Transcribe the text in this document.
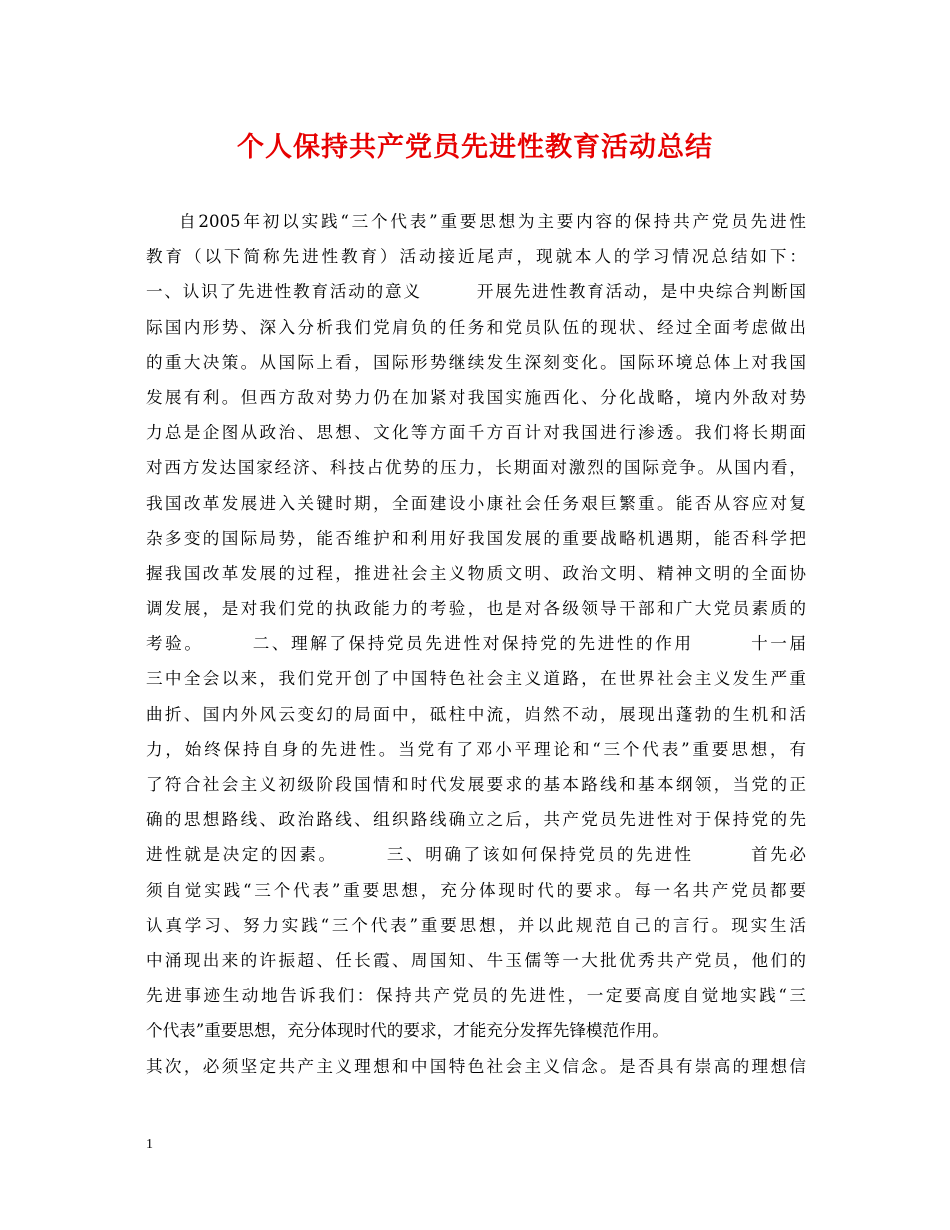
个人保持共产党员先进性教育活动总结
自2005年初以实践“三个代表”重要思想为主要内容的保持共产党员先进性
教育（以下简称先进性教育）活动接近尾声，现就本人的学习情况总结如下：
一、认识了先进性教育活动的意义　　　开展先进性教育活动，是中央综合判断国
际国内形势、深入分析我们党肩负的任务和党员队伍的现状、经过全面考虑做出
的重大决策。从国际上看，国际形势继续发生深刻变化。国际环境总体上对我国
发展有利。但西方敌对势力仍在加紧对我国实施西化、分化战略，境内外敌对势
力总是企图从政治、思想、文化等方面千方百计对我国进行渗透。我们将长期面
对西方发达国家经济、科技占优势的压力，长期面对激烈的国际竞争。从国内看，
我国改革发展进入关键时期，全面建设小康社会任务艰巨繁重。能否从容应对复
杂多变的国际局势，能否维护和利用好我国发展的重要战略机遇期，能否科学把
握我国改革发展的过程，推进社会主义物质文明、政治文明、精神文明的全面协
调发展，是对我们党的执政能力的考验，也是对各级领导干部和广大党员素质的
考验。　　　二、理解了保持党员先进性对保持党的先进性的作用　　　十一届
三中全会以来，我们党开创了中国特色社会主义道路，在世界社会主义发生严重
曲折、国内外风云变幻的局面中，砥柱中流，岿然不动，展现出蓬勃的生机和活
力，始终保持自身的先进性。当党有了邓小平理论和“三个代表”重要思想，有
了符合社会主义初级阶段国情和时代发展要求的基本路线和基本纲领，当党的正
确的思想路线、政治路线、组织路线确立之后，共产党员先进性对于保持党的先
进性就是决定的因素。　　　三、明确了该如何保持党员的先进性　　　首先必
须自觉实践“三个代表”重要思想，充分体现时代的要求。每一名共产党员都要
认真学习、努力实践“三个代表”重要思想，并以此规范自己的言行。现实生活
中涌现出来的许振超、任长霞、周国知、牛玉儒等一大批优秀共产党员，他们的
先进事迹生动地告诉我们：保持共产党员的先进性，一定要高度自觉地实践“三
个代表”重要思想，充分体现时代的要求，才能充分发挥先锋模范作用。
其次，必须坚定共产主义理想和中国特色社会主义信念。是否具有崇高的理想信
1
